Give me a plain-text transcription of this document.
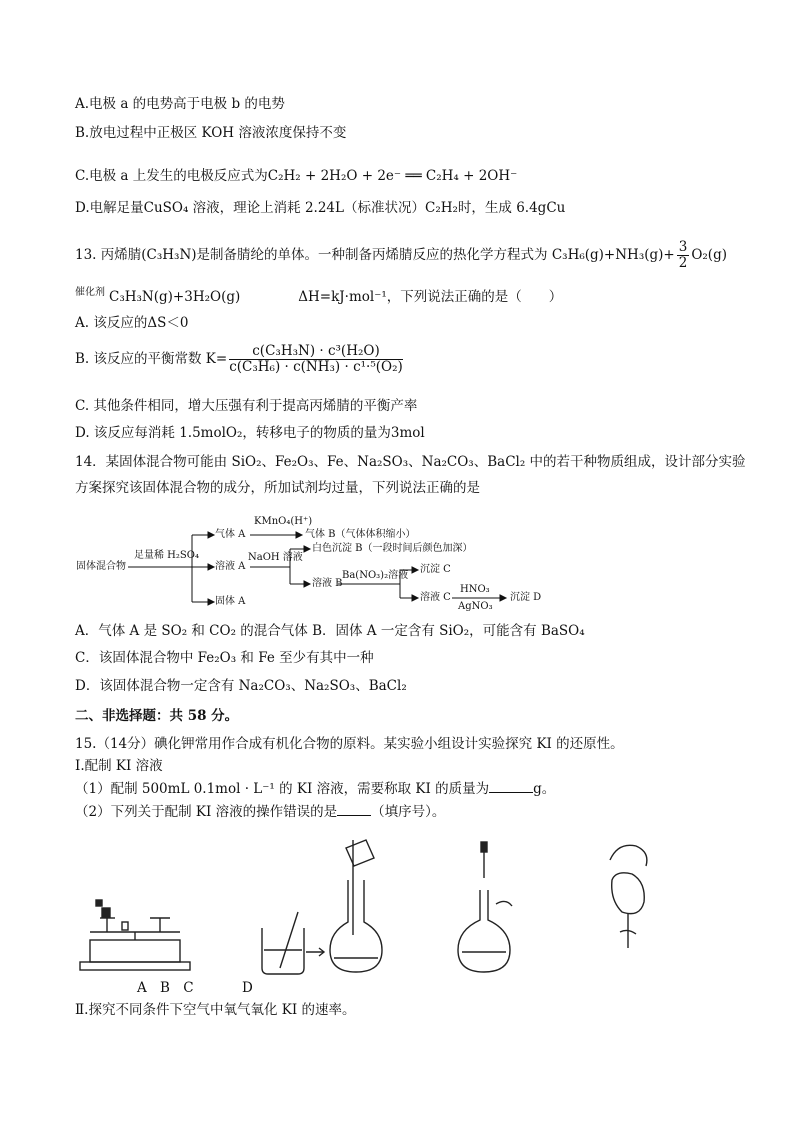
A.电极 a 的电势高于电极 b 的电势
B.放电过程中正极区 KOH 溶液浓度保持不变
C.电极 a 上发生的电极反应式为C₂H₂ + 2H₂O + 2e⁻ ══ C₂H₄ + 2OH⁻
D.电解足量CuSO₄ 溶液，理论上消耗 2.24L（标准状况）C₂H₂时，生成 6.4gCu
13. 丙烯腈(C₃H₃N)是制备腈纶的单体。一种制备丙烯腈反应的热化学方程式为 $C_3H_6(g)+NH_3(g)+ \frac{3}{2} O_2(g)$
$^{催化剂}$ C₃H₃N(g)+3H₂O(g)	ΔH=kJ·mol⁻¹，下列说法正确的是（　　）
A. 该反应的ΔS＜0
B. 该反应的平衡常数 $K= \frac{\text{c(C₃H₃N) · c³(H₂O)}}{\text{c(C₃H₆) · c(NH₃) · c¹·⁵(O₂)}}$
C. 其他条件相同，增大压强有利于提高丙烯腈的平衡产率
D. 该反应每消耗 1.5molO₂，转移电子的物质的量为3mol
14．某固体混合物可能由 SiO₂、Fe₂O₃、Fe、Na₂SO₃、Na₂CO₃、BaCl₂ 中的若干种物质组成，设计部分实验
方案探究该固体混合物的成分，所加试剂均过量，下列说法正确的是
固体混合物
足量稀 H₂SO₄
气体 A
KMnO₄(H⁺)
气体 B（气体体积缩小）
溶液 A
NaOH 溶液
白色沉淀 B（一段时间后颜色加深）
溶液 B
Ba(NO₃)₂溶液
沉淀 C
溶液 C
HNO₃
AgNO₃
沉淀 D
固体 A
A．气体 A 是 SO₂ 和 CO₂ 的混合气体 B．固体 A 一定含有 SiO₂，可能含有 BaSO₄
C．该固体混合物中 Fe₂O₃ 和 Fe 至少有其中一种
D．该固体混合物一定含有 Na₂CO₃、Na₂SO₃、BaCl₂
二、非选择题：共 58 分。
15.（14分）碘化钾常用作合成有机化合物的原料。某实验小组设计实验探究 KI 的还原性。
Ⅰ.配制 KI 溶液
（1）配制 500mL 0.1mol · L⁻¹ 的 KI 溶液，需要称取 KI 的质量为	g。
（2）下列关于配制 KI 溶液的操作错误的是	（填序号）。
A B C	D
Ⅱ.探究不同条件下空气中氧气氧化 KI 的速率。
